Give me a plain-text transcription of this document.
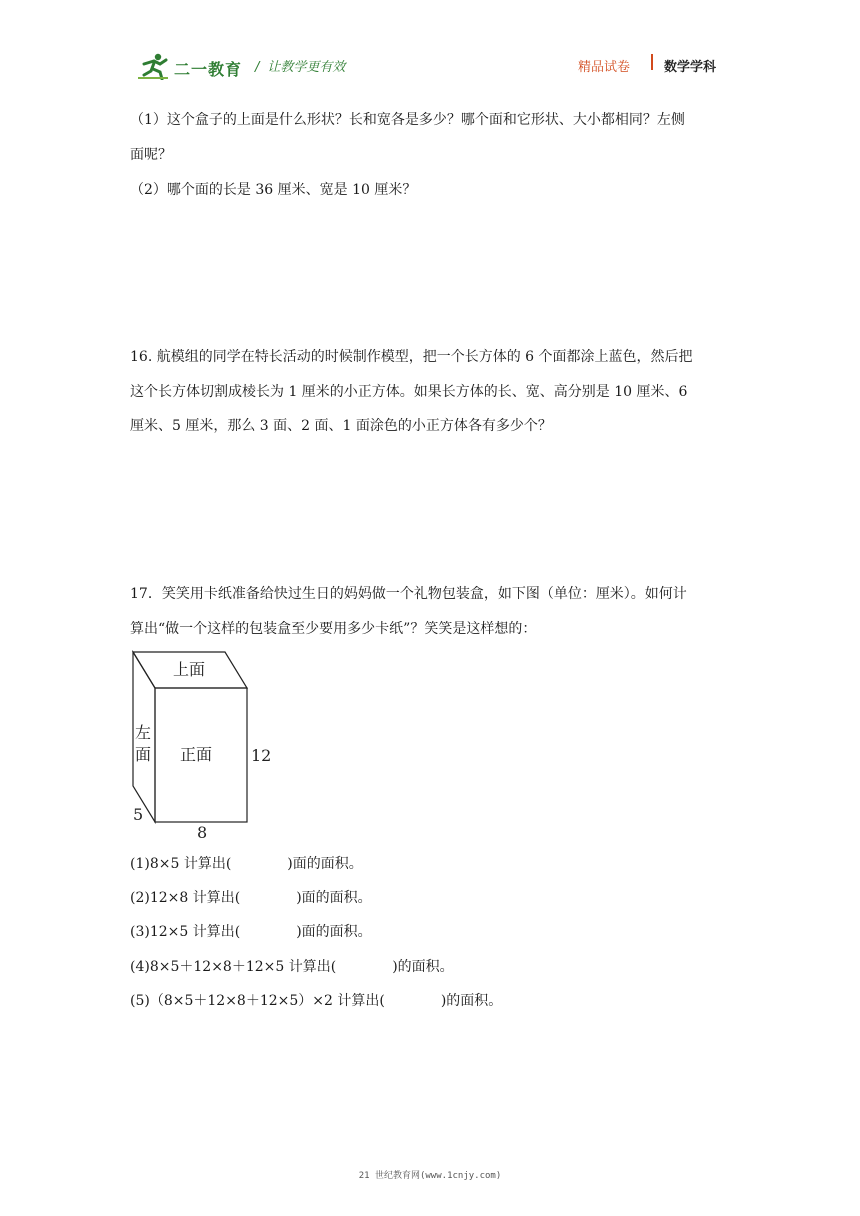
二一教育 / 让教学更有效	精品试卷	数学学科
（1）这个盒子的上面是什么形状？长和宽各是多少？哪个面和它形状、大小都相同？左侧
面呢？
（2）哪个面的长是 36 厘米、宽是 10 厘米？
16. 航模组的同学在特长活动的时候制作模型，把一个长方体的 6 个面都涂上蓝色，然后把
这个长方体切割成棱长为 1 厘米的小正方体。如果长方体的长、宽、高分别是 10 厘米、6
厘米、5 厘米，那么 3 面、2 面、1 面涂色的小正方体各有多少个？
17．笑笑用卡纸准备给快过生日的妈妈做一个礼物包装盒，如下图（单位：厘米）。如何计
算出“做一个这样的包装盒至少要用多少卡纸”？笑笑是这样想的：
上面
左
面 正面 12
5
8
(1)8×5 计算出(　　　　)面的面积。
(2)12×8 计算出(　　　　)面的面积。
(3)12×5 计算出(　　　　)面的面积。
(4)8×5＋12×8＋12×5 计算出(　　　　)的面积。
(5)（8×5＋12×8＋12×5）×2 计算出(　　　　)的面积。
21 世纪教育网(www.1cnjy.com)
